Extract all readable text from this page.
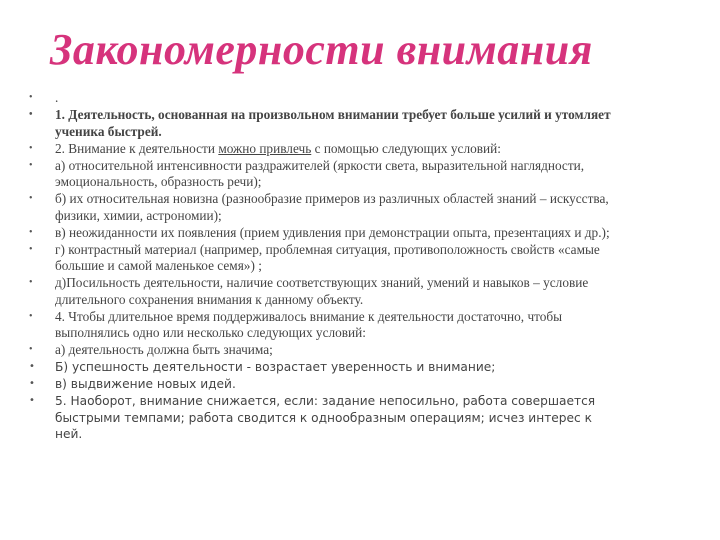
Закономерности внимания
• .
• 1. Деятельность, основанная на произвольном внимании требует больше усилий и утомляет ученика быстрей.
• 2. Внимание к деятельности можно привлечь с помощью следующих условий:
• а) относительной интенсивности раздражителей (яркости света, выразительной наглядности, эмоциональность, образность речи);
• б) их относительная новизна (разнообразие примеров из различных областей знаний – искусства, физики, химии, астрономии);
• в) неожиданности их появления (прием удивления при демонстрации опыта, презентациях и др.);
• г) контрастный материал (например, проблемная ситуация, противоположность свойств «самые большие и самой маленькое семя») ;
• д)Посильность деятельности, наличие соответствующих знаний, умений и навыков – условие длительного сохранения внимания к данному объекту.
• 4. Чтобы длительное время поддерживалось внимание к деятельности достаточно, чтобы выполнялись одно или несколько следующих условий:
• а) деятельность должна быть значима;
• Б) успешность деятельности - возрастает уверенность и внимание;
• в) выдвижение новых идей.
• 5. Наоборот, внимание снижается, если: задание непосильно, работа совершается быстрыми темпами; работа сводится к однообразным операциям; исчез интерес к ней.
